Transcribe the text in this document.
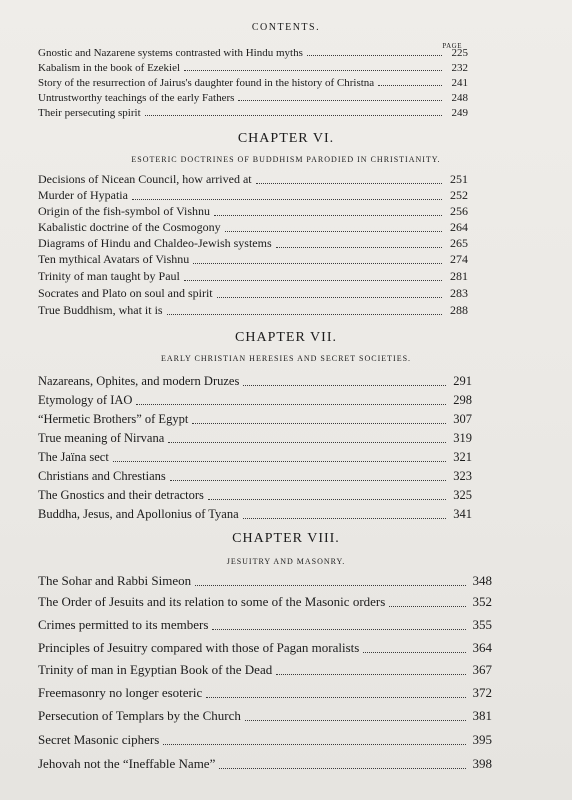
CONTENTS.
PAGE
Gnostic and Nazarene systems contrasted with Hindu myths	225
Kabalism in the book of Ezekiel	232
Story of the resurrection of Jairus's daughter found in the history of Christna	241
Untrustworthy teachings of the early Fathers	248
Their persecuting spirit	249
CHAPTER VI.
ESOTERIC DOCTRINES OF BUDDHISM PARODIED IN CHRISTIANITY.
Decisions of Nicean Council, how arrived at	251
Murder of Hypatia	252
Origin of the fish-symbol of Vishnu	256
Kabalistic doctrine of the Cosmogony	264
Diagrams of Hindu and Chaldeo-Jewish systems	265
Ten mythical Avatars of Vishnu	274
Trinity of man taught by Paul	281
Socrates and Plato on soul and spirit	283
True Buddhism, what it is	288
CHAPTER VII.
EARLY CHRISTIAN HERESIES AND SECRET SOCIETIES.
Nazareans, Ophites, and modern Druzes	291
Etymology of IAO	298
“Hermetic Brothers” of Egypt	307
True meaning of Nirvana	319
The Jaïna sect	321
Christians and Chrestians	323
The Gnostics and their detractors	325
Buddha, Jesus, and Apollonius of Tyana	341
CHAPTER VIII.
JESUITRY AND MASONRY.
The Sohar and Rabbi Simeon	348
The Order of Jesuits and its relation to some of the Masonic orders	352
Crimes permitted to its members	355
Principles of Jesuitry compared with those of Pagan moralists	364
Trinity of man in Egyptian Book of the Dead	367
Freemasonry no longer esoteric	372
Persecution of Templars by the Church	381
Secret Masonic ciphers	395
Jehovah not the “Ineffable Name”	398
